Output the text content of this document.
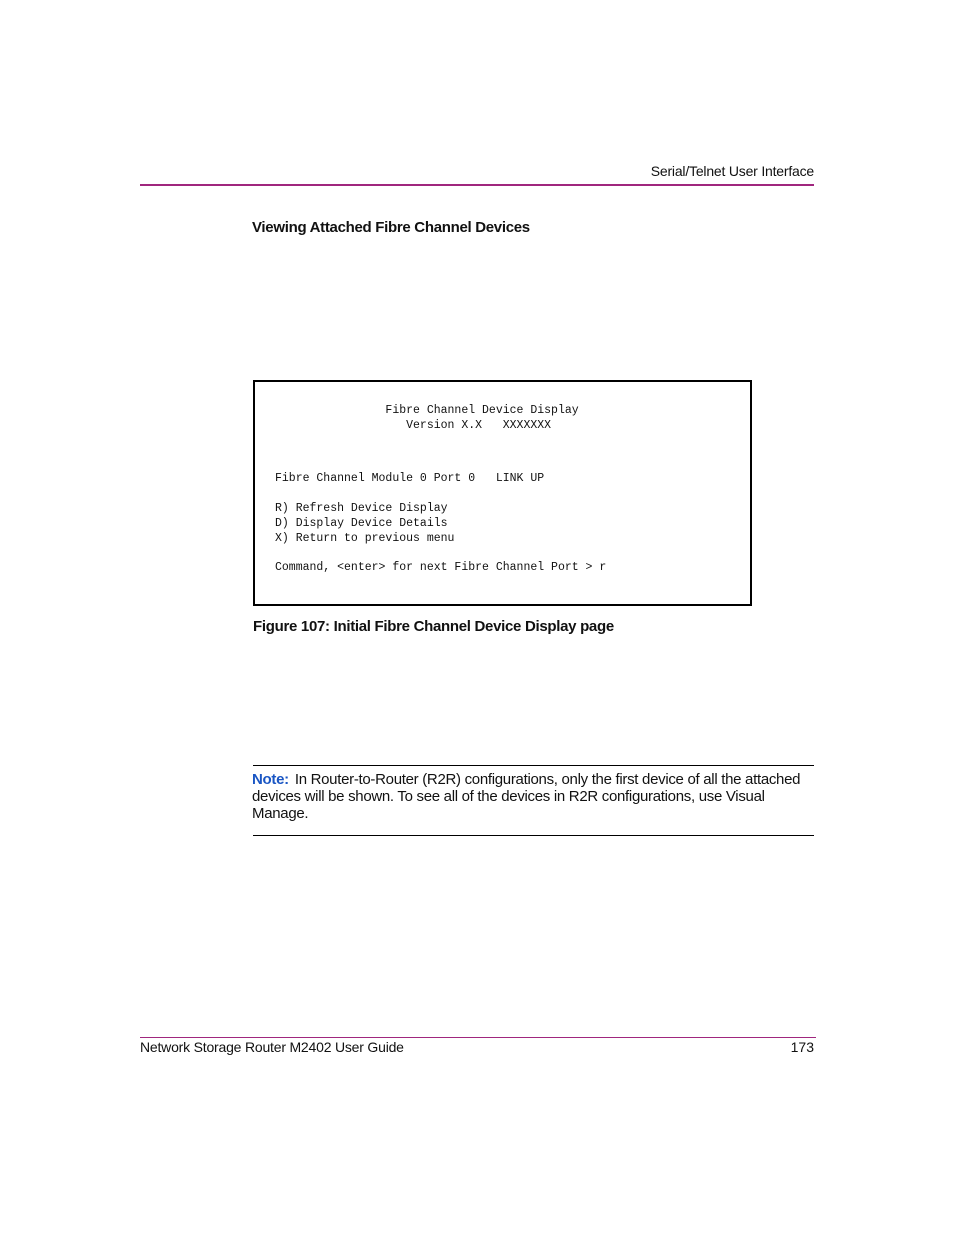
Serial/Telnet User Interface
Viewing Attached Fibre Channel Devices
Fibre Channel Device Display
Version X.X   XXXXXXX
Fibre Channel Module 0 Port 0   LINK UP
R) Refresh Device Display
D) Display Device Details
X) Return to previous menu
Command, <enter> for next Fibre Channel Port > r
Figure 107: Initial Fibre Channel Device Display page
Note: In Router-to-Router (R2R) configurations, only the first device of all the attached devices will be shown. To see all of the devices in R2R configurations, use Visual Manage.
Network Storage Router M2402 User Guide	173
